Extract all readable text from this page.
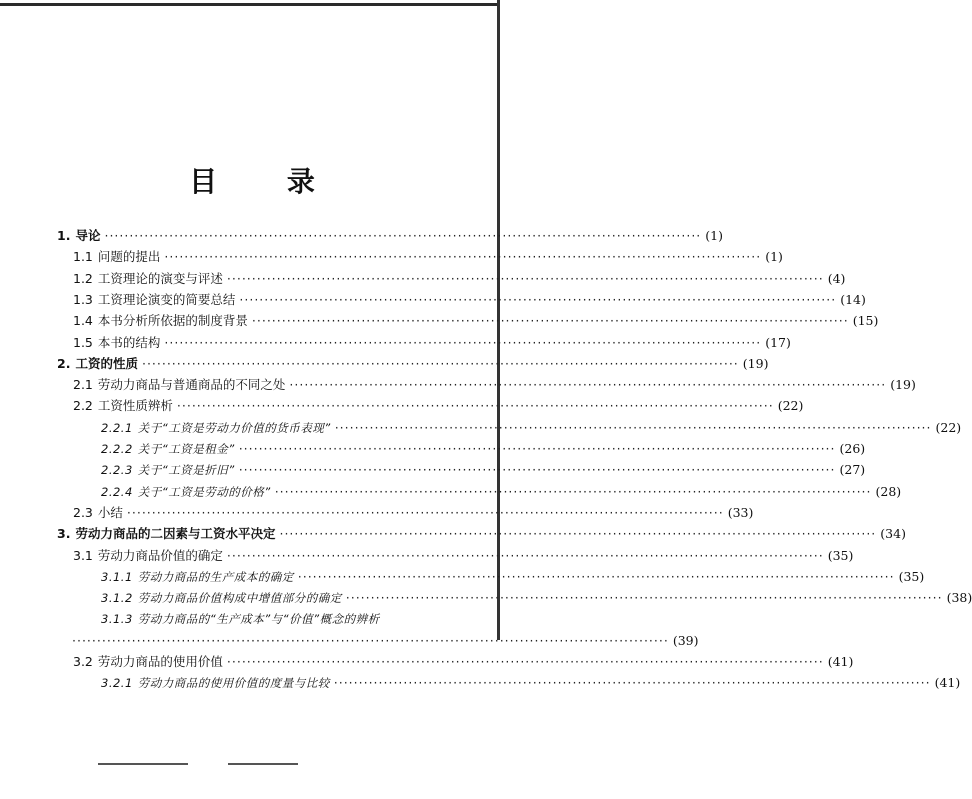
目 录
1. 导论 ························································································································ (1)
1.1 问题的提出 ························································································································ (1)
1.2 工资理论的演变与评述 ························································································································ (4)
1.3 工资理论演变的简要总结 ························································································································ (14)
1.4 本书分析所依据的制度背景 ························································································································ (15)
1.5 本书的结构 ························································································································ (17)
2. 工资的性质 ························································································································ (19)
2.1 劳动力商品与普通商品的不同之处 ························································································································ (19)
2.2 工资性质辨析 ························································································································ (22)
2.2.1 关于“工资是劳动力价值的货币表现” ························································································································ (22)
2.2.2 关于“工资是租金” ························································································································ (26)
2.2.3 关于“工资是折旧” ························································································································ (27)
2.2.4 关于“工资是劳动的价格” ························································································································ (28)
2.3 小结 ························································································································ (33)
3. 劳动力商品的二因素与工资水平决定 ························································································································ (34)
3.1 劳动力商品价值的确定 ························································································································ (35)
3.1.1 劳动力商品的生产成本的确定 ························································································································ (35)
3.1.2 劳动力商品价值构成中增值部分的确定 ························································································································ (38)
3.1.3 劳动力商品的“生产成本”与“价值”概念的辨析
························································································································ (39)
3.2 劳动力商品的使用价值 ························································································································ (41)
3.2.1 劳动力商品的使用价值的度量与比较 ························································································································ (41)
